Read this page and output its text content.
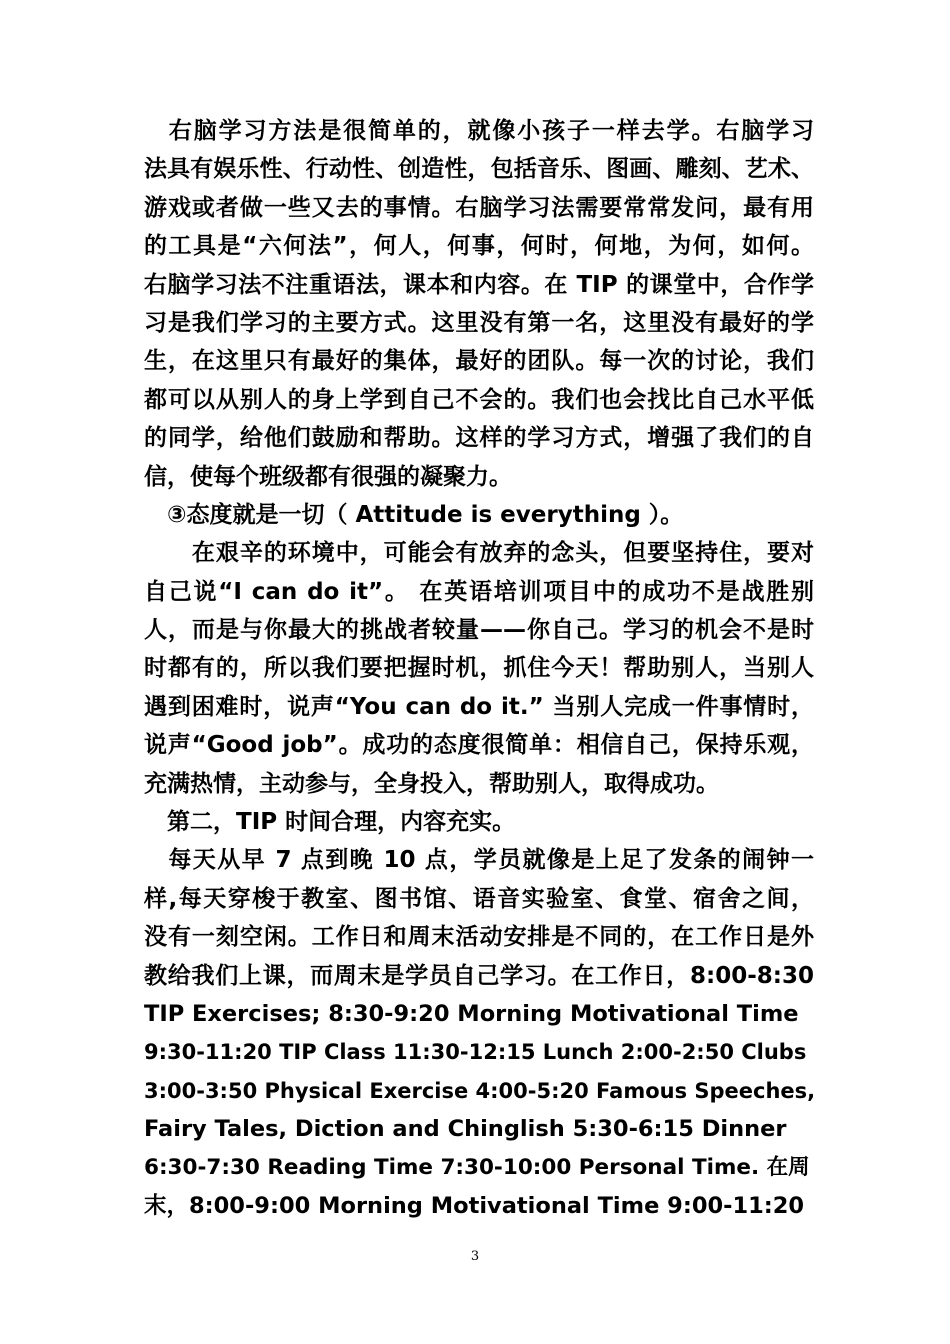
　右脑学习方法是很简单的，就像小孩子一样去学。右脑学习
法具有娱乐性、行动性、创造性，包括音乐、图画、雕刻、艺术、
游戏或者做一些又去的事情。右脑学习法需要常常发问，最有用
的工具是“六何法”，何人，何事，何时，何地，为何，如何。
右脑学习法不注重语法，课本和内容。在 TIP 的课堂中，合作学
习是我们学习的主要方式。这里没有第一名，这里没有最好的学
生，在这里只有最好的集体，最好的团队。每一次的讨论，我们
都可以从别人的身上学到自己不会的。我们也会找比自己水平低
的同学，给他们鼓励和帮助。这样的学习方式，增强了我们的自
信，使每个班级都有很强的凝聚力。
　③态度就是一切（ Attitude is everything ）。
　　在艰辛的环境中，可能会有放弃的念头，但要坚持住，要对
自己说“I can do it”。 在英语培训项目中的成功不是战胜别
人，而是与你最大的挑战者较量——你自己。学习的机会不是时
时都有的，所以我们要把握时机，抓住今天！帮助别人，当别人
遇到困难时，说声“You can do it.” 当别人完成一件事情时，
说声“Good job”。成功的态度很简单：相信自己，保持乐观，
充满热情，主动参与，全身投入，帮助别人，取得成功。
　第二，TIP 时间合理，内容充实。
　每天从早 7 点到晚 10 点，学员就像是上足了发条的闹钟一
样,每天穿梭于教室、图书馆、语音实验室、食堂、宿舍之间，
没有一刻空闲。工作日和周末活动安排是不同的，在工作日是外
教给我们上课，而周末是学员自己学习。在工作日，8:00-8:30
TIP Exercises; 8:30-9:20 Morning Motivational Time
9:30-11:20 TIP Class 11:30-12:15 Lunch 2:00-2:50 Clubs
3:00-3:50 Physical Exercise 4:00-5:20 Famous Speeches,
Fairy Tales, Diction and Chinglish 5:30-6:15 Dinner
6:30-7:30 Reading Time 7:30-10:00 Personal Time. 在周
末，8:00-9:00 Morning Motivational Time 9:00-11:20
3
